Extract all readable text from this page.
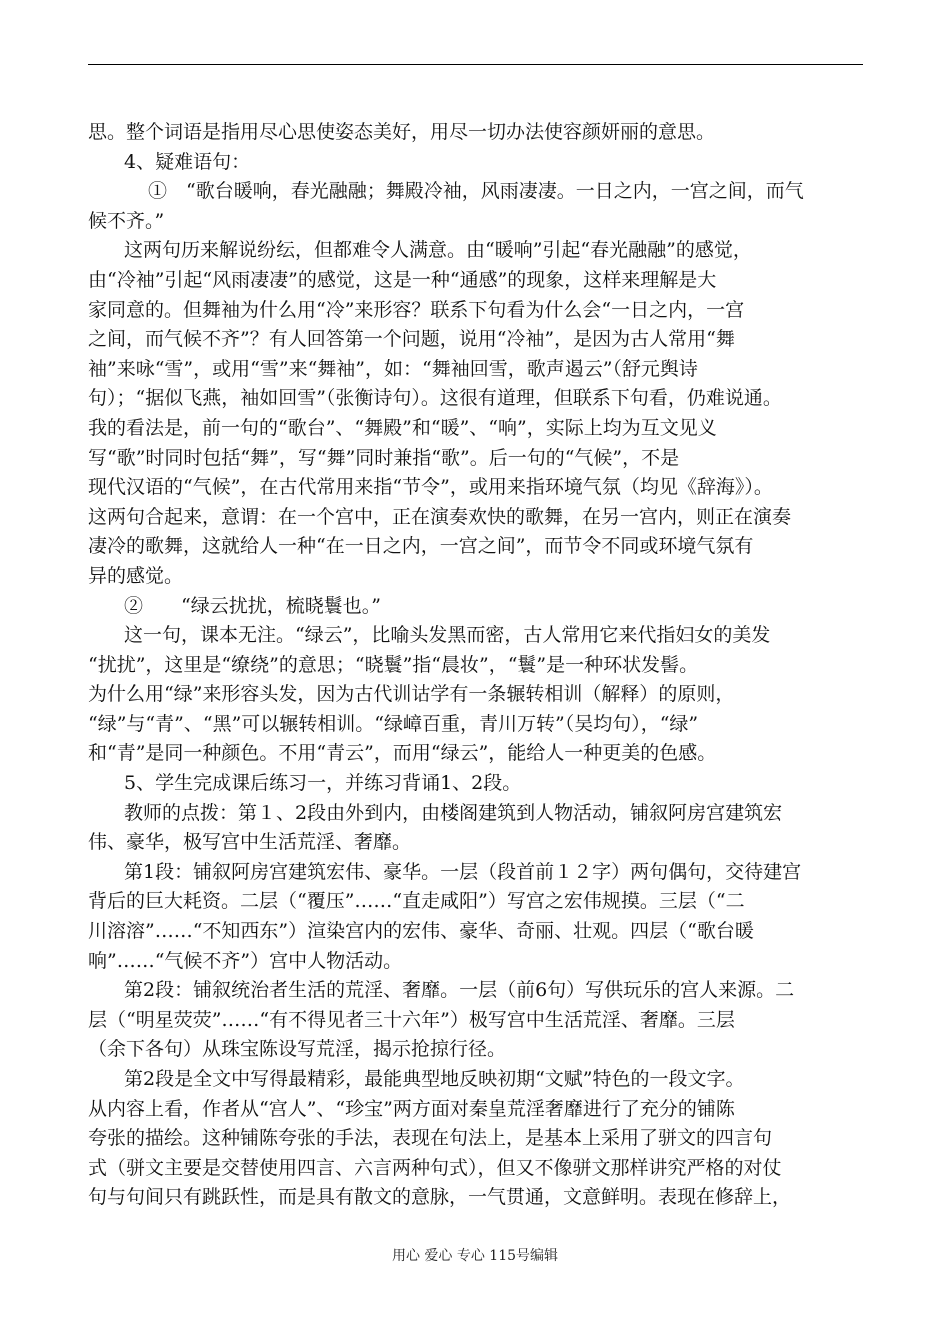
思。整个词语是指用尽心思使姿态美好，用尽一切办法使容颜妍丽的意思。
4、疑难语句：
①　“歌台暖响，春光融融；舞殿冷袖，风雨凄凄。一日之内，一宫之间，而气
候不齐。”
这两句历来解说纷纭，但都难令人满意。由“暖响”引起“春光融融”的感觉，
由“冷袖”引起“风雨凄凄”的感觉，这是一种“通感”的现象，这样来理解是大
家同意的。但舞袖为什么用“冷”来形容？联系下句看为什么会“一日之内，一宫
之间，而气候不齐”？有人回答第一个问题，说用“冷袖”，是因为古人常用“舞
袖”来咏“雪”，或用“雪”来“舞袖”，如：“舞袖回雪，歌声遏云”（舒元舆诗
句）；“据似飞燕，袖如回雪”（张衡诗句）。这很有道理，但联系下句看，仍难说通。
我的看法是，前一句的“歌台”、“舞殿”和“暖”、“响”，实际上均为互文见义
写“歌”时同时包括“舞”，写“舞”同时兼指“歌”。后一句的“气候”，不是
现代汉语的“气候”，在古代常用来指“节令”，或用来指环境气氛（均见《辞海》）。
这两句合起来，意谓：在一个宫中，正在演奏欢快的歌舞，在另一宫内，则正在演奏
凄冷的歌舞，这就给人一种“在一日之内，一宫之间”，而节令不同或环境气氛有
异的感觉。
②　　“绿云扰扰，梳晓鬟也。”
这一句，课本无注。“绿云”，比喻头发黑而密，古人常用它来代指妇女的美发
“扰扰”，这里是“缭绕”的意思；“晓鬟”指“晨妆”，“鬟”是一种环状发髻。
为什么用“绿”来形容头发，因为古代训诂学有一条辗转相训（解释）的原则，
“绿”与“青”、“黑”可以辗转相训。“绿嶂百重，青川万转”（吴均句），“绿”
和“青”是同一种颜色。不用“青云”，而用“绿云”，能给人一种更美的色感。
5、学生完成课后练习一，并练习背诵1、2段。
教师的点拨：第１、2段由外到内，由楼阁建筑到人物活动，铺叙阿房宫建筑宏
伟、豪华，极写宫中生活荒淫、奢靡。
第1段：铺叙阿房宫建筑宏伟、豪华。一层（段首前１２字）两句偶句，交待建宫
背后的巨大耗资。二层（“覆压”……“直走咸阳”）写宫之宏伟规摸。三层（“二
川溶溶”……“不知西东”）渲染宫内的宏伟、豪华、奇丽、壮观。四层（“歌台暖
响”……“气候不齐”）宫中人物活动。
第2段：铺叙统治者生活的荒淫、奢靡。一层（前6句）写供玩乐的宫人来源。二
层（“明星荧荧”……“有不得见者三十六年”）极写宫中生活荒淫、奢靡。三层
（余下各句）从珠宝陈设写荒淫，揭示抢掠行径。
第2段是全文中写得最精彩，最能典型地反映初期“文赋”特色的一段文字。
从内容上看，作者从“宫人”、“珍宝”两方面对秦皇荒淫奢靡进行了充分的铺陈
夸张的描绘。这种铺陈夸张的手法，表现在句法上，是基本上采用了骈文的四言句
式（骈文主要是交替使用四言、六言两种句式），但又不像骈文那样讲究严格的对仗
句与句间只有跳跃性，而是具有散文的意脉，一气贯通，文意鲜明。表现在修辞上，
用心 爱心 专心 115号编辑
